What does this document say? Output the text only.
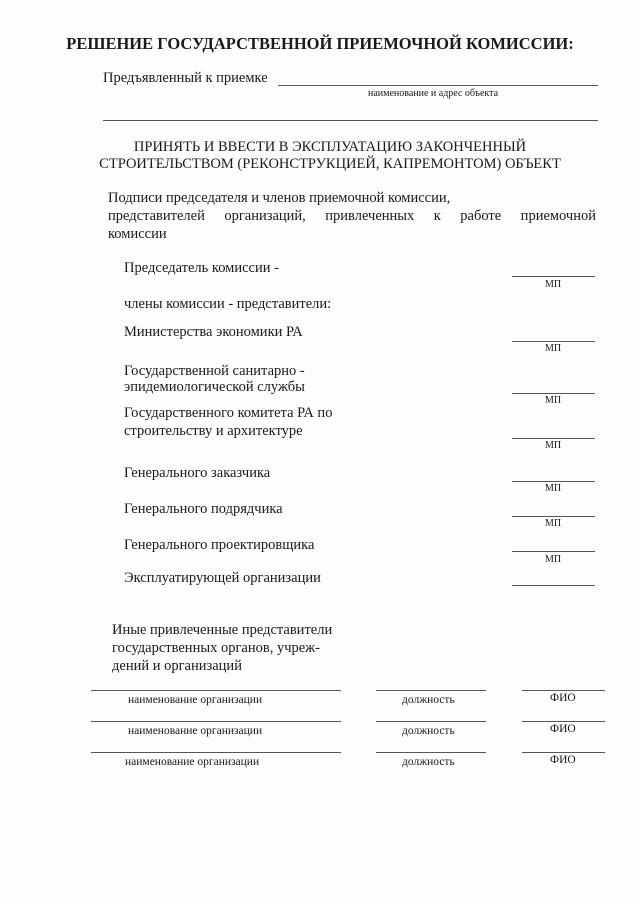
РЕШЕНИЕ ГОСУДАРСТВЕННОЙ ПРИЕМОЧНОЙ КОМИССИИ:
Предъявленный к приемке
наименование и адрес объекта
ПРИНЯТЬ И ВВЕСТИ В ЭКСПЛУАТАЦИЮ ЗАКОНЧЕННЫЙ
СТРОИТЕЛЬСТВОМ (РЕКОНСТРУКЦИЕЙ, КАПРЕМОНТОМ) ОБЪЕКТ
Подписи председателя и членов приемочной комиссии,
представителей организаций, привлеченных к работе приемочной
комиссии
Председатель комиссии -
МП
члены комиссии - представители:
Министерства экономики РА
МП
Государственной санитарно -
эпидемиологической службы
МП
Государственного комитета РА по
строительству и архитектуре
МП
Генерального заказчика
МП
Генерального подрядчика
МП
Генерального проектировщика
МП
Эксплуатирующей организации
Иные привлеченные представители
государственных органов, учреж-
дений и организаций
наименование организации	должность	ФИО
наименование организации	должность	ФИО
наименование организации	должность	ФИО
